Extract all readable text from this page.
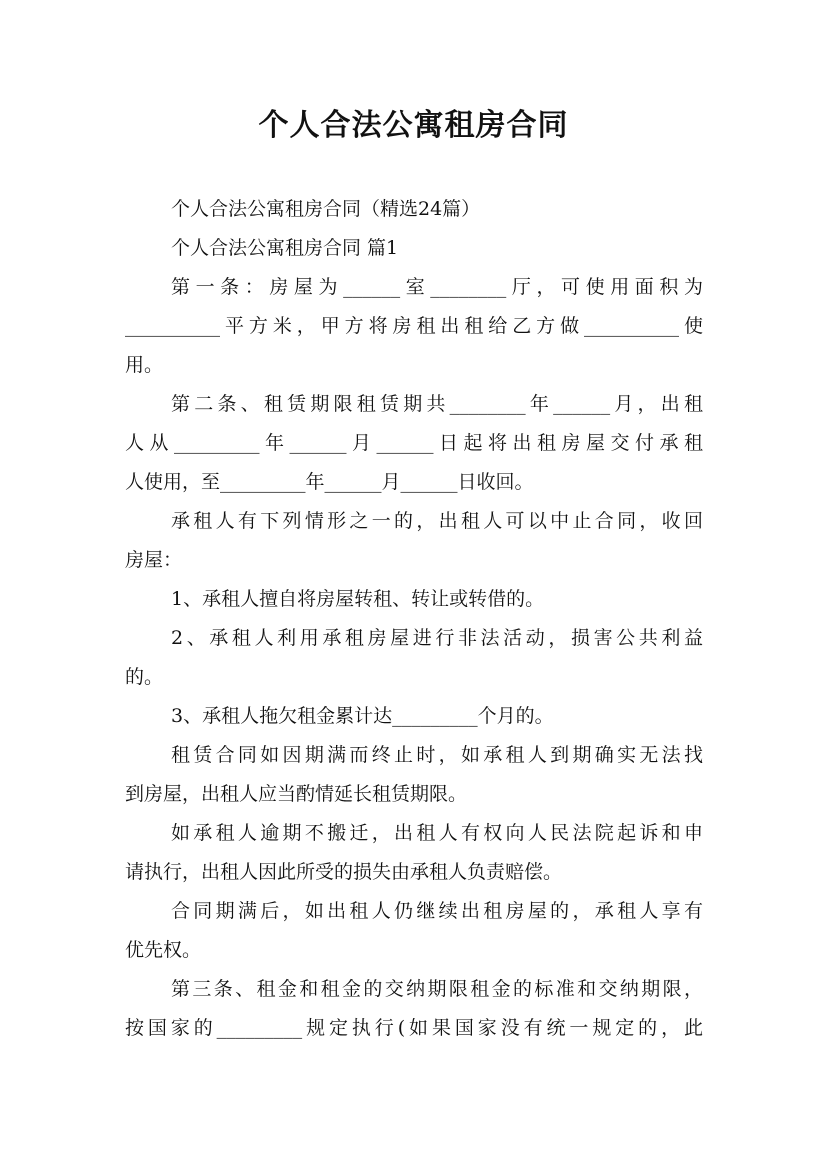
个人合法公寓租房合同
个人合法公寓租房合同（精选24篇）
个人合法公寓租房合同 篇1
第一条：房屋为______室________厅，可使用面积为
__________平方米，甲方将房租出租给乙方做__________使
用。
第二条、租赁期限租赁期共________年______月，出租
人从_________年______月______日起将出租房屋交付承租
人使用，至_________年______月______日收回。
承租人有下列情形之一的，出租人可以中止合同，收回
房屋：
1、承租人擅自将房屋转租、转让或转借的。
2、承租人利用承租房屋进行非法活动，损害公共利益
的。
3、承租人拖欠租金累计达_________个月的。
租赁合同如因期满而终止时，如承租人到期确实无法找
到房屋，出租人应当酌情延长租赁期限。
如承租人逾期不搬迁，出租人有权向人民法院起诉和申
请执行，出租人因此所受的损失由承租人负责赔偿。
合同期满后，如出租人仍继续出租房屋的，承租人享有
优先权。
第三条、租金和租金的交纳期限租金的标准和交纳期限，
按国家的_________规定执行(如果国家没有统一规定的，此
